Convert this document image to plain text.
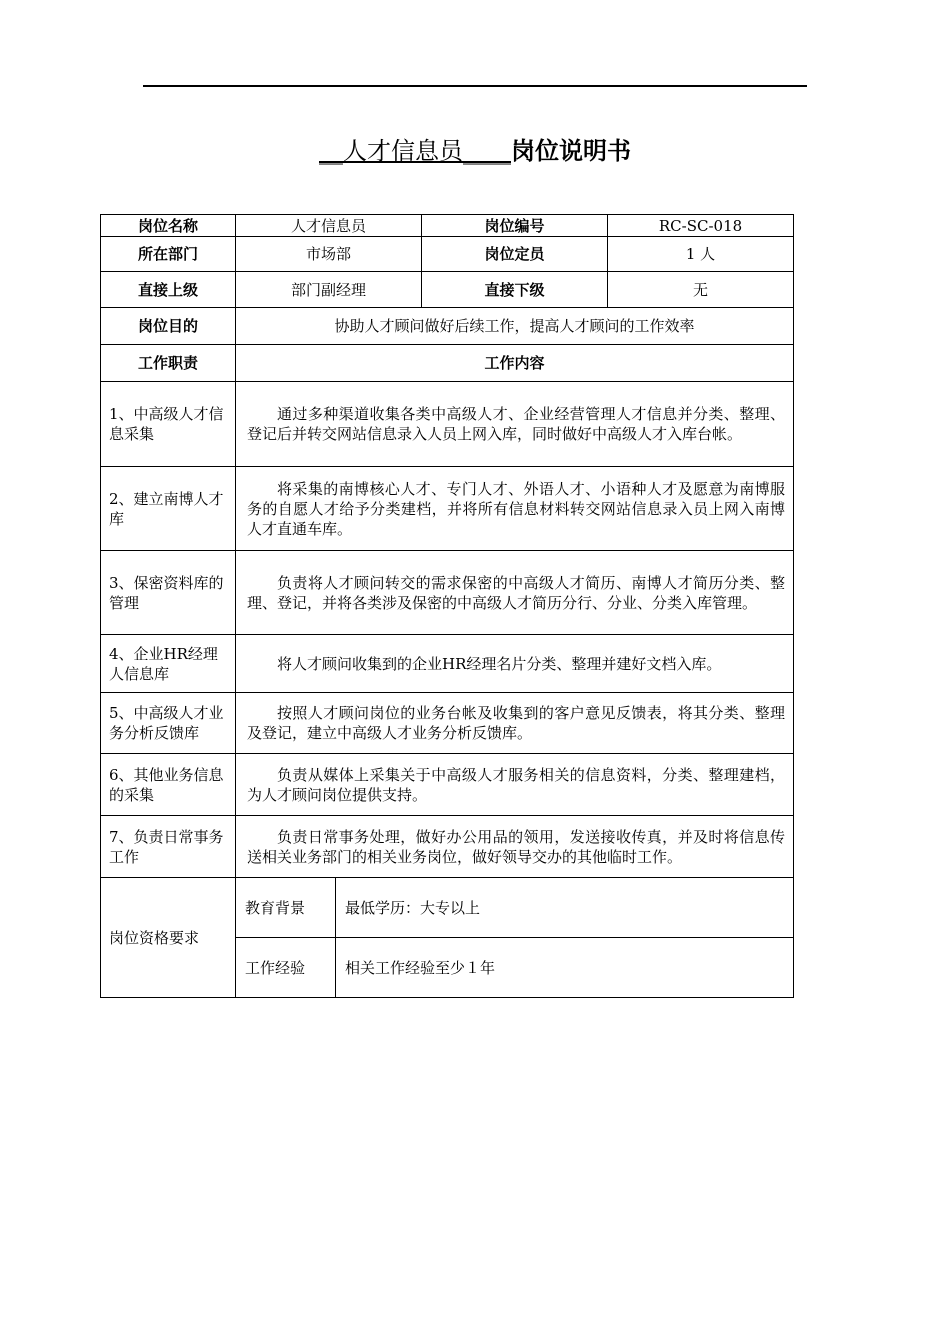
__人才信息员____岗位说明书
岗位名称	人才信息员		岗位编号	RC-SC-018
所在部门	市场部		岗位定员	1 人
直接上级	部门副经理		直接下级	无
岗位目的	协助人才顾问做好后续工作，提高人才顾问的工作效率			
工作职责	工作内容			
1、中高级人才信息采集	通过多种渠道收集各类中高级人才、企业经营管理人才信息并分类、整理、登记后并转交网站信息录入人员上网入库，同时做好中高级人才入库台帐。			

2、建立南博人才库	将采集的南博核心人才、专门人才、外语人才、小语种人才及愿意为南博服务的自愿人才给予分类建档，并将所有信息材料转交网站信息录入员上网入南博人才直通车库。			

3、保密资料库的管理	负责将人才顾问转交的需求保密的中高级人才简历、南博人才简历分类、整理、登记，并将各类涉及保密的中高级人才简历分行、分业、分类入库管理。			

4、企业HR经理人信息库	将人才顾问收集到的企业HR经理名片分类、整理并建好文档入库。			

5、中高级人才业务分析反馈库	按照人才顾问岗位的业务台帐及收集到的客户意见反馈表，将其分类、整理及登记，建立中高级人才业务分析反馈库。			

6、其他业务信息的采集	负责从媒体上采集关于中高级人才服务相关的信息资料，分类、整理建档，为人才顾问岗位提供支持。			

7、负责日常事务工作	负责日常事务处理，做好办公用品的领用，发送接收传真，并及时将信息传送相关业务部门的相关业务岗位，做好领导交办的其他临时工作。			

岗位资格要求	教育背景	最低学历：大专以上		
	工作经验	相关工作经验至少１年		
